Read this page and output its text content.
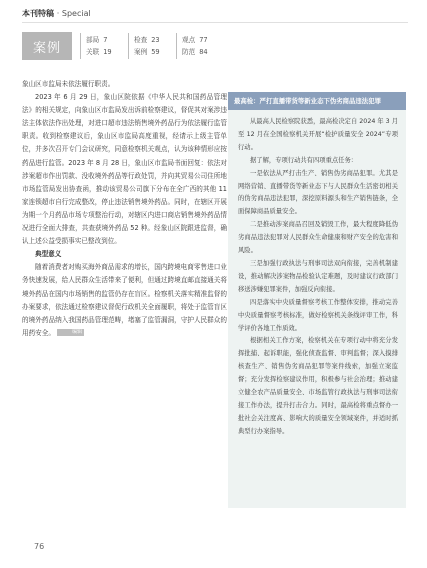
本刊特稿 · Special
案例
部局 7
关联 19
检查 23
案例 59
观点 77
防范 84

象山区市监局未依法履行职责。

2023 年 6 月 29 日，象山区院依据《中华人民共和国药品管理法》的相关规定，向象山区市监局发出诉前检察建议，督促其对案涉违法主体依法作出处理，对进口超市违法销售境外药品行为依法履行监管职责。收到检察建议后，象山区市监局高度重视，经请示上级主管单位，并多次召开专门会议研究，同意检察机关观点，认为该种情形应按药品进行监管。2023 年 8 月 28 日，象山区市监局书面回复：依法对涉案超市作出罚款、没收境外药品等行政处罚，并向其贸易公司住所地市场监管局发出协查函，推动该贸易公司旗下分布在全广西的其他 11 家连锁超市自行完成整改，停止违法销售境外药品。同时，在辖区开展为期一个月药品市场专项整治行动，对辖区内进口商店销售境外药品情况进行全面大排查，共查获境外药品 52 种。经象山区院跟进监督，确认上述公益受损事实已整改到位。

典型意义

随着消费者对购买海外商品需求的增长，国内跨境电商零售进口业务快速发展，给人民群众生活带来了便利，但通过跨境直邮直接通关将境外药品在国内市场销售的监管仍存在盲区。检察机关落实精准监督的办案要求，依法通过检察建议督促行政机关全面履职，将处于监管盲区的境外药品纳入我国药品管理范畴，堵塞了监管漏洞，守护人民群众的用药安全。	编辑

最高检：严打直播带货等新业态下伪劣商品违法犯罪

从最高人民检察院获悉，最高检决定自 2024 年 3 月至 12 月在全国检察机关开展“检护质量安全 2024”专项行动。

据了解，专项行动共有四项重点任务：

一是依法从严打击生产、销售伪劣商品犯罪。尤其是网络营销、直播带货等新业态下与人民群众生活密切相关的伪劣商品违法犯罪，深挖原料源头和生产销售链条，全面保障商品质量安全。

二是推动涉案商品召回及销毁工作，最大程度降低伪劣商品违法犯罪对人民群众生命健康和财产安全的危害和风险。

三是加强行政执法与刑事司法双向衔接，完善机制建设，推动解决涉案物品检验认定难题，及时建议行政部门移送涉嫌犯罪案件，加强反向衔接。

四是落实中央质量督察考核工作整体安排，推动完善中央质量督察考核标准，做好检察机关条线评审工作，科学评价各地工作质效。

根据相关工作方案，检察机关在专项行动中将充分发挥批捕、起诉职能，强化侦查监督、审判监督；深入摸排核查生产、销售伪劣商品犯罪等案件线索，加强立案监督；充分发挥检察建议作用，积极参与社会治理；推动建立健全农产品质量安全、市场监管行政执法与刑事司法衔接工作办法，提升打击合力。同时，最高检将重点督办一批社会关注度高、影响大的质量安全领域案件，并适时抓典型行办案指导。

76
